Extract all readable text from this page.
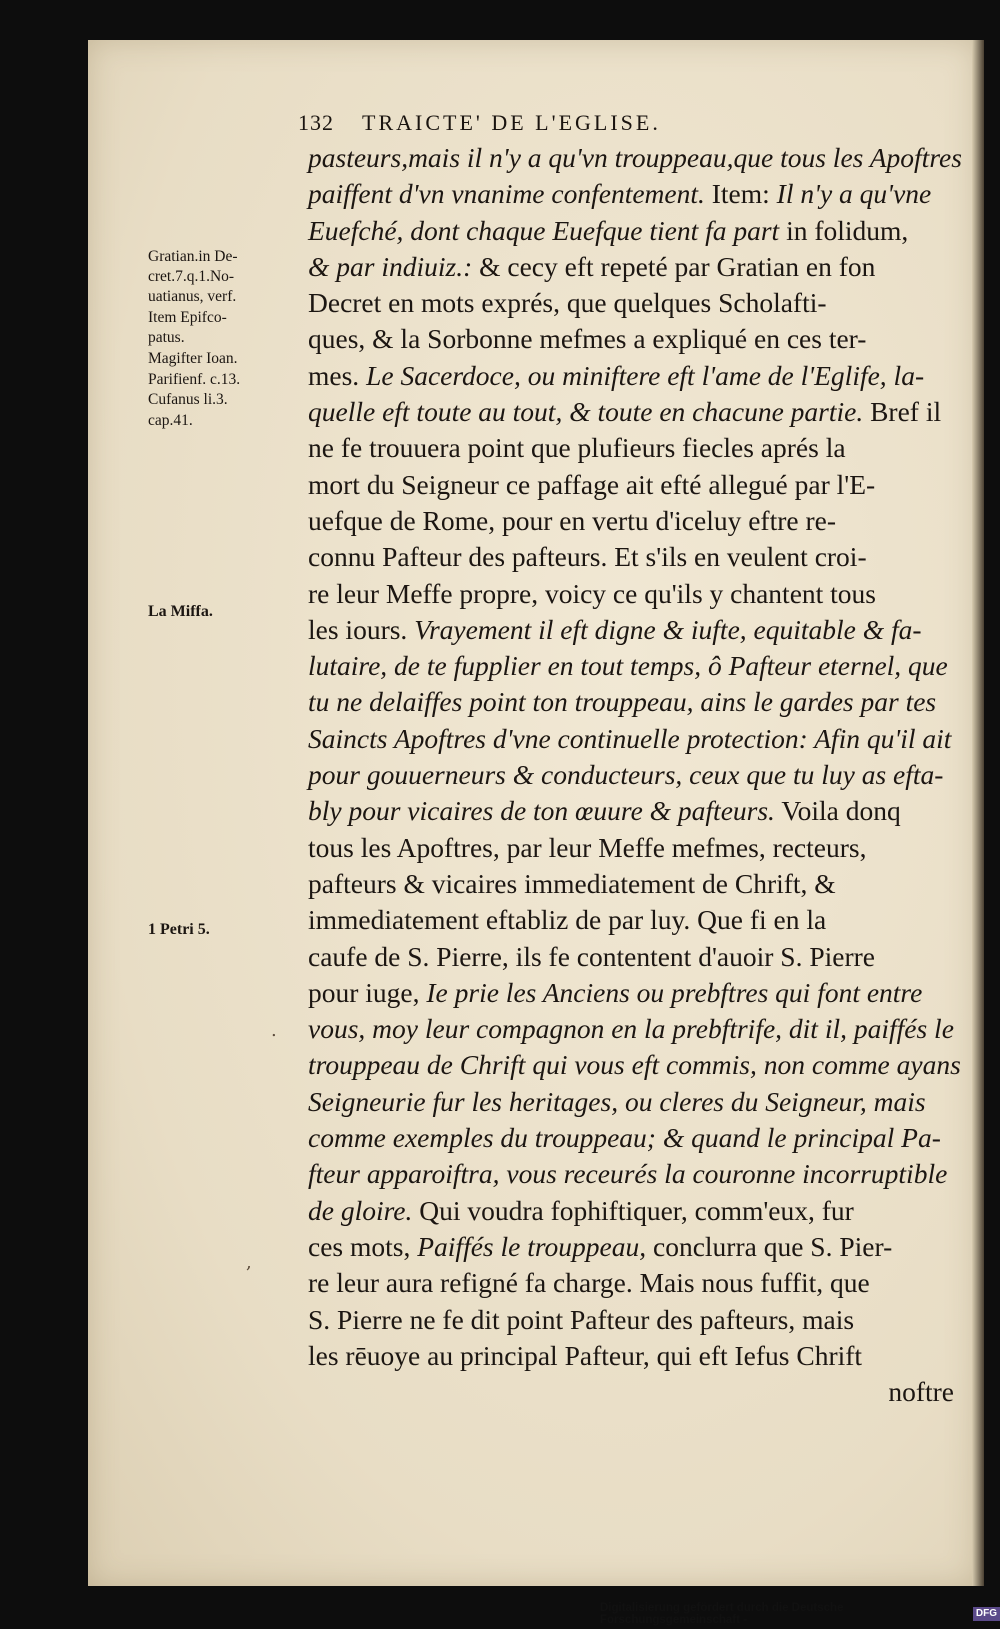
132 TRAICTE' DE L'EGLISE.
Gratian.in De-
cret.7.q.1.No-
uatianus, verf.
Item Epifco-
patus.
Magifter Ioan.
Parifienf. c.13.
Cufanus li.3.
cap.41.
La Miffa.
1 Petri 5.
pasteurs,mais il n'y a qu'vn trouppeau,que tous les Apoftres
paiffent d'vn vnanime confentement. Item: Il n'y a qu'vne
Euefché, dont chaque Euefque tient fa part in folidum,
& par indiuiz.: & cecy eft repeté par Gratian en fon
Decret en mots exprés, que quelques Scholafti-
ques, & la Sorbonne mefmes a expliqué en ces ter-
mes. Le Sacerdoce, ou miniftere eft l'ame de l'Eglife, la-
quelle eft toute au tout, & toute en chacune partie. Bref il
ne fe trouuera point que plufieurs fiecles aprés la
mort du Seigneur ce paffage ait efté allegué par l'E-
uefque de Rome, pour en vertu d'iceluy eftre re-
connu Pafteur des pafteurs. Et s'ils en veulent croi-
re leur Meffe propre, voicy ce qu'ils y chantent tous
les iours. Vrayement il eft digne & iufte, equitable & fa-
lutaire, de te fupplier en tout temps, ô Pafteur eternel, que
tu ne delaiffes point ton trouppeau, ains le gardes par tes
Saincts Apoftres d'vne continuelle protection: Afin qu'il ait
pour gouuerneurs & conducteurs, ceux que tu luy as efta-
bly pour vicaires de ton œuure & pafteurs. Voila donq
tous les Apoftres, par leur Meffe mefmes, recteurs,
pafteurs & vicaires immediatement de Chrift, &
immediatement eftabliz de par luy. Que fi en la
caufe de S. Pierre, ils fe contentent d'auoir S. Pierre
pour iuge, Ie prie les Anciens ou prebftres qui font entre
vous, moy leur compagnon en la prebftrife, dit il, paiffés le
trouppeau de Chrift qui vous eft commis, non comme ayans
Seigneurie fur les heritages, ou cleres du Seigneur, mais
comme exemples du trouppeau; & quand le principal Pa-
fteur apparoiftra, vous receurés la couronne incorruptible
de gloire. Qui voudra fophiftiquer, comm'eux, fur
ces mots, Paiffés le trouppeau, conclurra que S. Pier-
re leur aura refigné fa charge. Mais nous fuffit, que
S. Pierre ne fe dit point Pafteur des pafteurs, mais
les rēuoye au principal Pafteur, qui eft Iefus Chrift
noftre
.
,
Digitalisierung gefördert durch die Deutsche Forschungsgemeinschaft -
DFG
